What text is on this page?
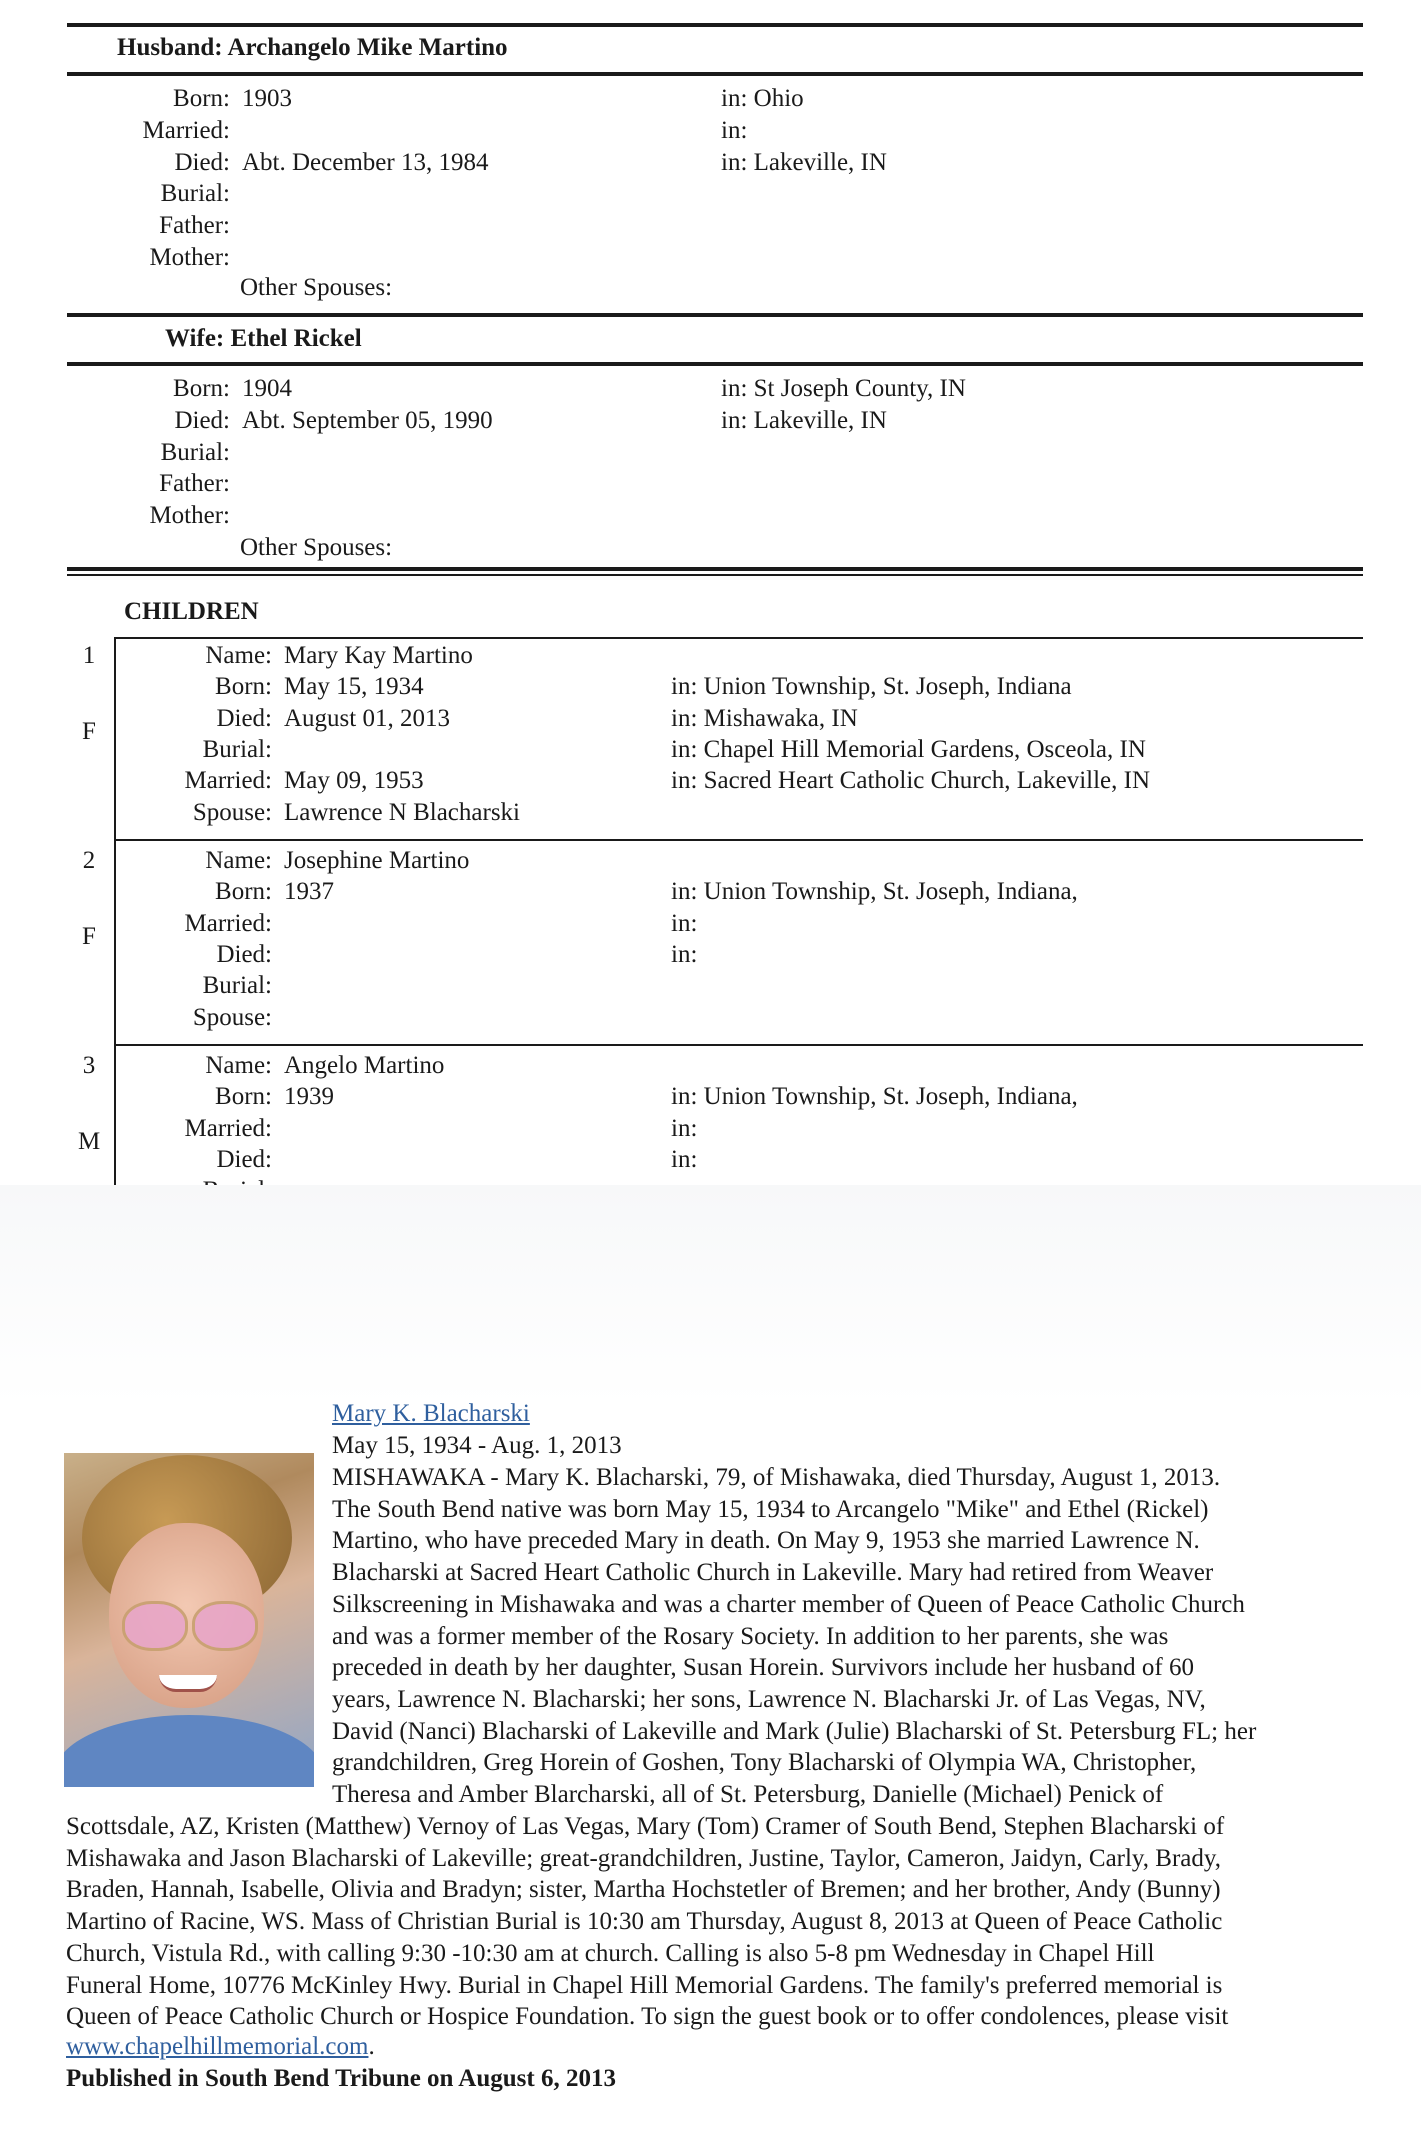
Husband: Archangelo Mike Martino
Born: 1903	in: Ohio
Married:	in:
Died: Abt. December 13, 1984	in: Lakeville, IN
Burial:
Father:
Mother:
Other Spouses:
Wife: Ethel Rickel
Born: 1904	in: St Joseph County, IN
Died: Abt. September 05, 1990	in: Lakeville, IN
Burial:
Father:
Mother:
Other Spouses:
CHILDREN
1
F
Name: Mary Kay Martino
Born: May 15, 1934	in: Union Township, St. Joseph, Indiana
Died: August 01, 2013	in: Mishawaka, IN
Burial:	in: Chapel Hill Memorial Gardens, Osceola, IN
Married: May 09, 1953	in: Sacred Heart Catholic Church, Lakeville, IN
Spouse: Lawrence N Blacharski
2
F
Name: Josephine Martino
Born: 1937	in: Union Township, St. Joseph, Indiana,
Married:	in:
Died:	in:
Burial:
Spouse:
3
M
Name: Angelo Martino
Born: 1939	in: Union Township, St. Joseph, Indiana,
Married:	in:
Died:	in:
Mary K. Blacharski
May 15, 1934 - Aug. 1, 2013
MISHAWAKA - Mary K. Blacharski, 79, of Mishawaka, died Thursday, August 1, 2013.
The South Bend native was born May 15, 1934 to Arcangelo "Mike" and Ethel (Rickel)
Martino, who have preceded Mary in death. On May 9, 1953 she married Lawrence N.
Blacharski at Sacred Heart Catholic Church in Lakeville. Mary had retired from Weaver
Silkscreening in Mishawaka and was a charter member of Queen of Peace Catholic Church
and was a former member of the Rosary Society. In addition to her parents, she was
preceded in death by her daughter, Susan Horein. Survivors include her husband of 60
years, Lawrence N. Blacharski; her sons, Lawrence N. Blacharski Jr. of Las Vegas, NV,
David (Nanci) Blacharski of Lakeville and Mark (Julie) Blacharski of St. Petersburg FL; her
grandchildren, Greg Horein of Goshen, Tony Blacharski of Olympia WA, Christopher,
Theresa and Amber Blarcharski, all of St. Petersburg, Danielle (Michael) Penick of
Scottsdale, AZ, Kristen (Matthew) Vernoy of Las Vegas, Mary (Tom) Cramer of South Bend, Stephen Blacharski of
Mishawaka and Jason Blacharski of Lakeville; great-grandchildren, Justine, Taylor, Cameron, Jaidyn, Carly, Brady,
Braden, Hannah, Isabelle, Olivia and Bradyn; sister, Martha Hochstetler of Bremen; and her brother, Andy (Bunny)
Martino of Racine, WS. Mass of Christian Burial is 10:30 am Thursday, August 8, 2013 at Queen of Peace Catholic
Church, Vistula Rd., with calling 9:30 -10:30 am at church. Calling is also 5-8 pm Wednesday in Chapel Hill
Funeral Home, 10776 McKinley Hwy. Burial in Chapel Hill Memorial Gardens. The family's preferred memorial is
Queen of Peace Catholic Church or Hospice Foundation. To sign the guest book or to offer condolences, please visit
www.chapelhillmemorial.com.
Published in South Bend Tribune on August 6, 2013
